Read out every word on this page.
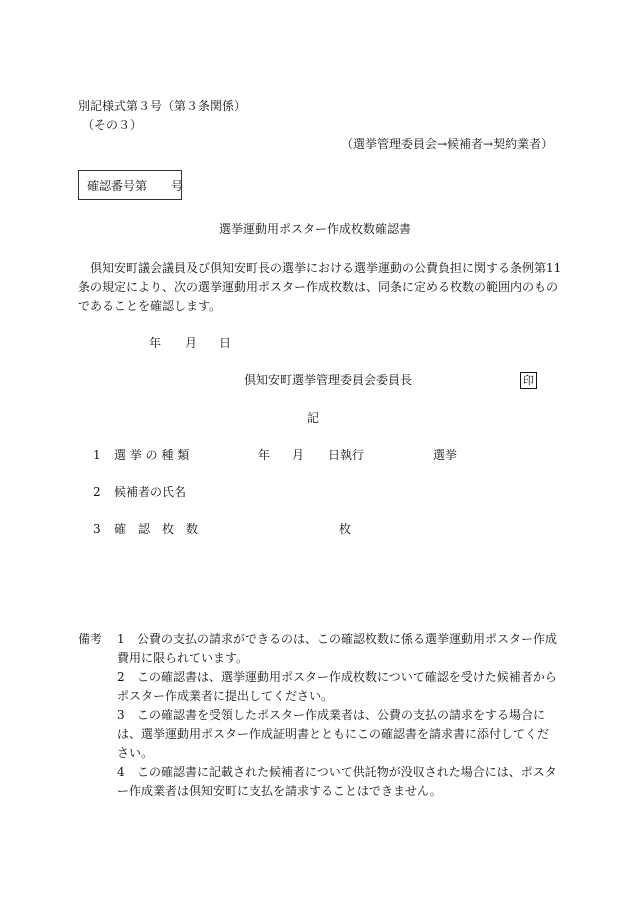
別記様式第３号（第３条関係）
（その３）
（選挙管理委員会→候補者→契約業者）
確認番号第　　号
選挙運動用ポスター作成枚数確認書
倶知安町議会議員及び倶知安町長の選挙における選挙運動の公費負担に関する条例第11
条の規定により、次の選挙運動用ポスター作成枚数は、同条に定める枚数の範囲内のもの
であることを確認します。
年 月 日
倶知安町選挙管理委員会委員長	印
記
1 選 挙 の 種 類	年 月 日執行	選挙
2 候補者の氏名
3 確　認　枚　数	枚
備考 1 公費の支払の請求ができるのは、この確認枚数に係る選挙運動用ポスター作成
費用に限られています。
2 この確認書は、選挙運動用ポスター作成枚数について確認を受けた候補者から
ポスター作成業者に提出してください。
3 この確認書を受領したポスター作成業者は、公費の支払の請求をする場合に
は、選挙運動用ポスター作成証明書とともにこの確認書を請求書に添付してくだ
さい。
4 この確認書に記載された候補者について供託物が没収された場合には、ポスタ
ー作成業者は倶知安町に支払を請求することはできません。
